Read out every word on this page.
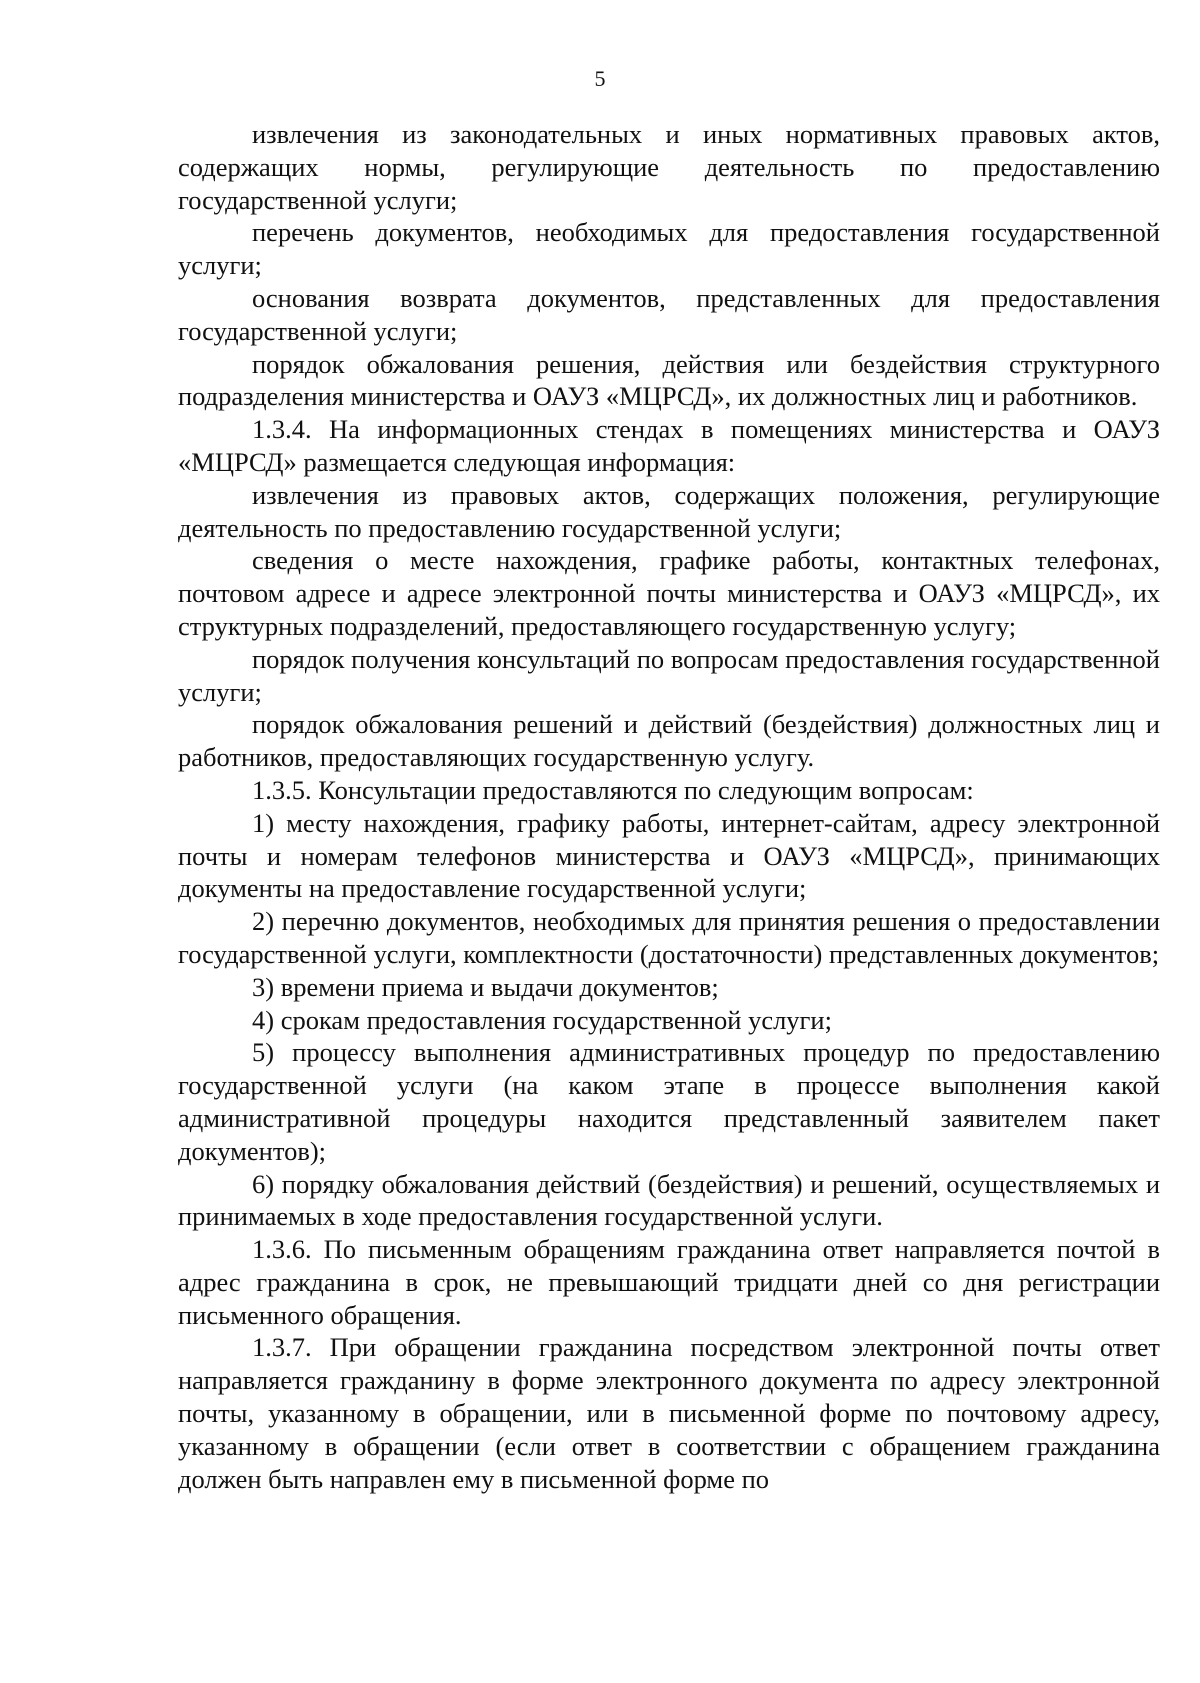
5

извлечения из законодательных и иных нормативных правовых актов, содержащих нормы, регулирующие деятельность по предоставлению государственной услуги;

перечень документов, необходимых для предоставления государственной услуги;

основания возврата документов, представленных для предоставления государственной услуги;

порядок обжалования решения, действия или бездействия структурного подразделения министерства и ОАУЗ «МЦРСД», их должностных лиц и работников.

1.3.4. На информационных стендах в помещениях министерства и ОАУЗ «МЦРСД» размещается следующая информация:

извлечения из правовых актов, содержащих положения, регулирующие деятельность по предоставлению государственной услуги;

сведения о месте нахождения, графике работы, контактных телефонах, почтовом адресе и адресе электронной почты министерства и ОАУЗ «МЦРСД», их структурных подразделений, предоставляющего государственную услугу;

порядок получения консультаций по вопросам предоставления государственной услуги;

порядок обжалования решений и действий (бездействия) должностных лиц и работников, предоставляющих государственную услугу.

1.3.5. Консультации предоставляются по следующим вопросам:

1) месту нахождения, графику работы, интернет-сайтам, адресу электронной почты и номерам телефонов министерства и ОАУЗ «МЦРСД», принимающих документы на предоставление государственной услуги;

2) перечню документов, необходимых для принятия решения о предоставлении государственной услуги, комплектности (достаточности) представленных документов;

3) времени приема и выдачи документов;

4) срокам предоставления государственной услуги;

5) процессу выполнения административных процедур по предоставлению государственной услуги (на каком этапе в процессе выполнения какой административной процедуры находится представленный заявителем пакет документов);

6) порядку обжалования действий (бездействия) и решений, осуществляемых и принимаемых в ходе предоставления государственной услуги.

1.3.6. По письменным обращениям гражданина ответ направляется почтой в адрес гражданина в срок, не превышающий тридцати дней со дня регистрации письменного обращения.

1.3.7. При обращении гражданина посредством электронной почты ответ направляется гражданину в форме электронного документа по адресу электронной почты, указанному в обращении, или в письменной форме по почтовому адресу, указанному в обращении (если ответ в соответствии с обращением гражданина должен быть направлен ему в письменной форме по
